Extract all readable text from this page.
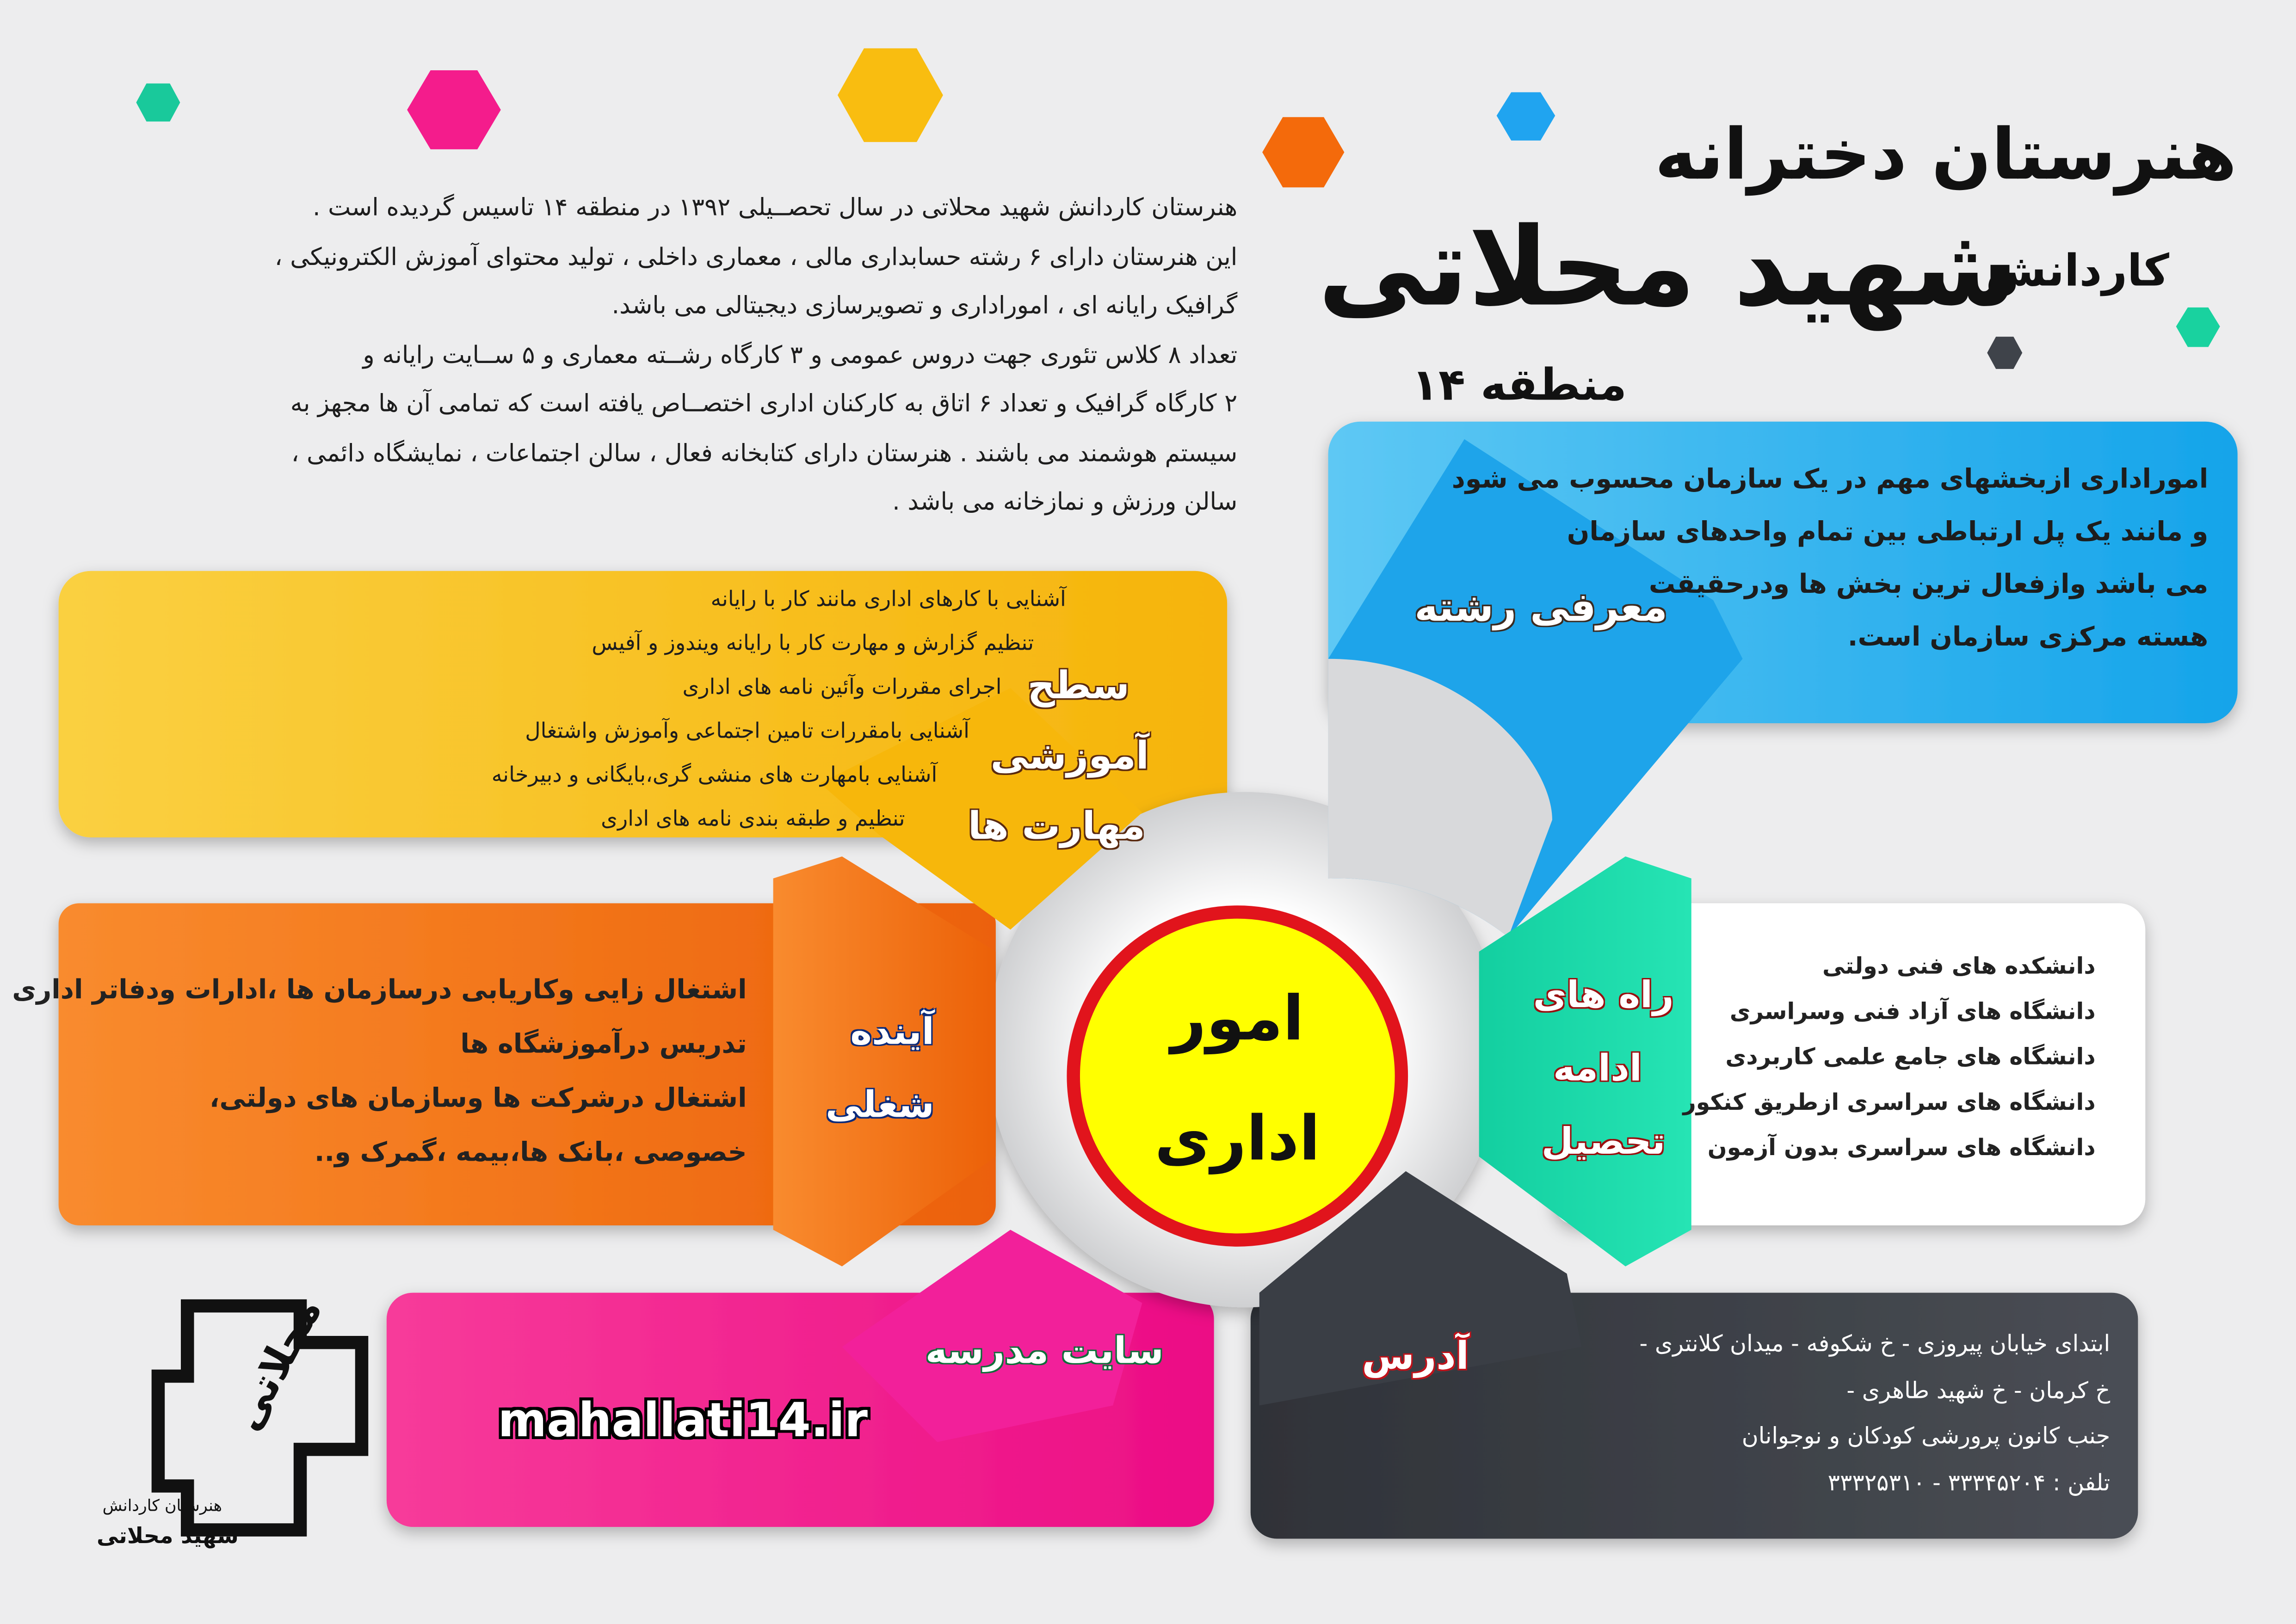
هنرستان دخترانه
کاردانش
شهید محلاتی
منطقه ۱۴

هنرستان کاردانش شهید محلاتی در سال تحصــیلی ۱۳۹۲ در منطقه ۱۴ تاسیس گردیده است .

این هنرستان دارای ۶ رشته حسابداری مالی ، معماری داخلی ، تولید محتوای آموزش الکترونیکی ،

گرافیک رایانه ای ، اموراداری و تصویرسازی دیجیتالی می باشد.

تعداد ۸ کلاس تئوری جهت دروس عمومی و ۳ کارگاه رشــته معماری و ۵ ســایت رایانه و

۲ کارگاه گرافیک و تعداد ۶ اتاق به کارکنان اداری اختصــاص یافته است که تمامی آن ها مجهز به

سیستم هوشمند می باشند . هنرستان دارای کتابخانه فعال ، سالن اجتماعات ، نمایشگاه دائمی ،

سالن ورزش و نمازخانه می باشد .

معرفی رشته

اموراداری ازبخشهای مهم در یک سازمان محسوب می شود

و مانند یک پل ارتباطی بین تمام واحدهای سازمان

می باشد وازفعال ترین بخش ها ودرحقیقت

هسته مرکزی سازمان است.

آشنایی با کارهای اداری مانند کار با رایانه

تنظیم گزارش و مهارت کار با رایانه ویندوز و آفیس

اجرای مقررات وآئین نامه های اداری

آشنایی بامقررات تامین اجتماعی وآموزش واشتغال

آشنایی بامهارت های منشی گری،بایگانی و دبیرخانه

تنظیم و طبقه بندی نامه های اداری

سطح
آموزشی
مهارت ها

اشتغال زایی وکاریابی درسازمان ها ،ادارات ودفاتر اداری

تدریس درآموزشگاه ها

اشتغال درشرکت ها وسازمان های دولتی،

خصوصی ،بانک ها،بیمه ،گمرک و..

آینده
شغلی

دانشکده های فنی دولتی

دانشگاه های آزاد فنی وسراسری

دانشگاه های جامع علمی کاربردی

دانشگاه های سراسری ازطریق کنکور

دانشگاه های سراسری بدون آزمون

راه های
ادامه
تحصیل
سایت مدرسه
mahallati14.ir
آدرس	ابتدای خیابان پیروزی - خ شکوفه - میدان کلانتری -

خ کرمان - خ شهید طاهری -

جنب کانون پرورشی کودکان و نوجوانان

تلفن : ۳۳۳۴۵۲۰۴ - ۳۳۳۲۵۳۱۰

امور
اداری
محلاتی
هنرستان کاردانش
شهید محلاتی
